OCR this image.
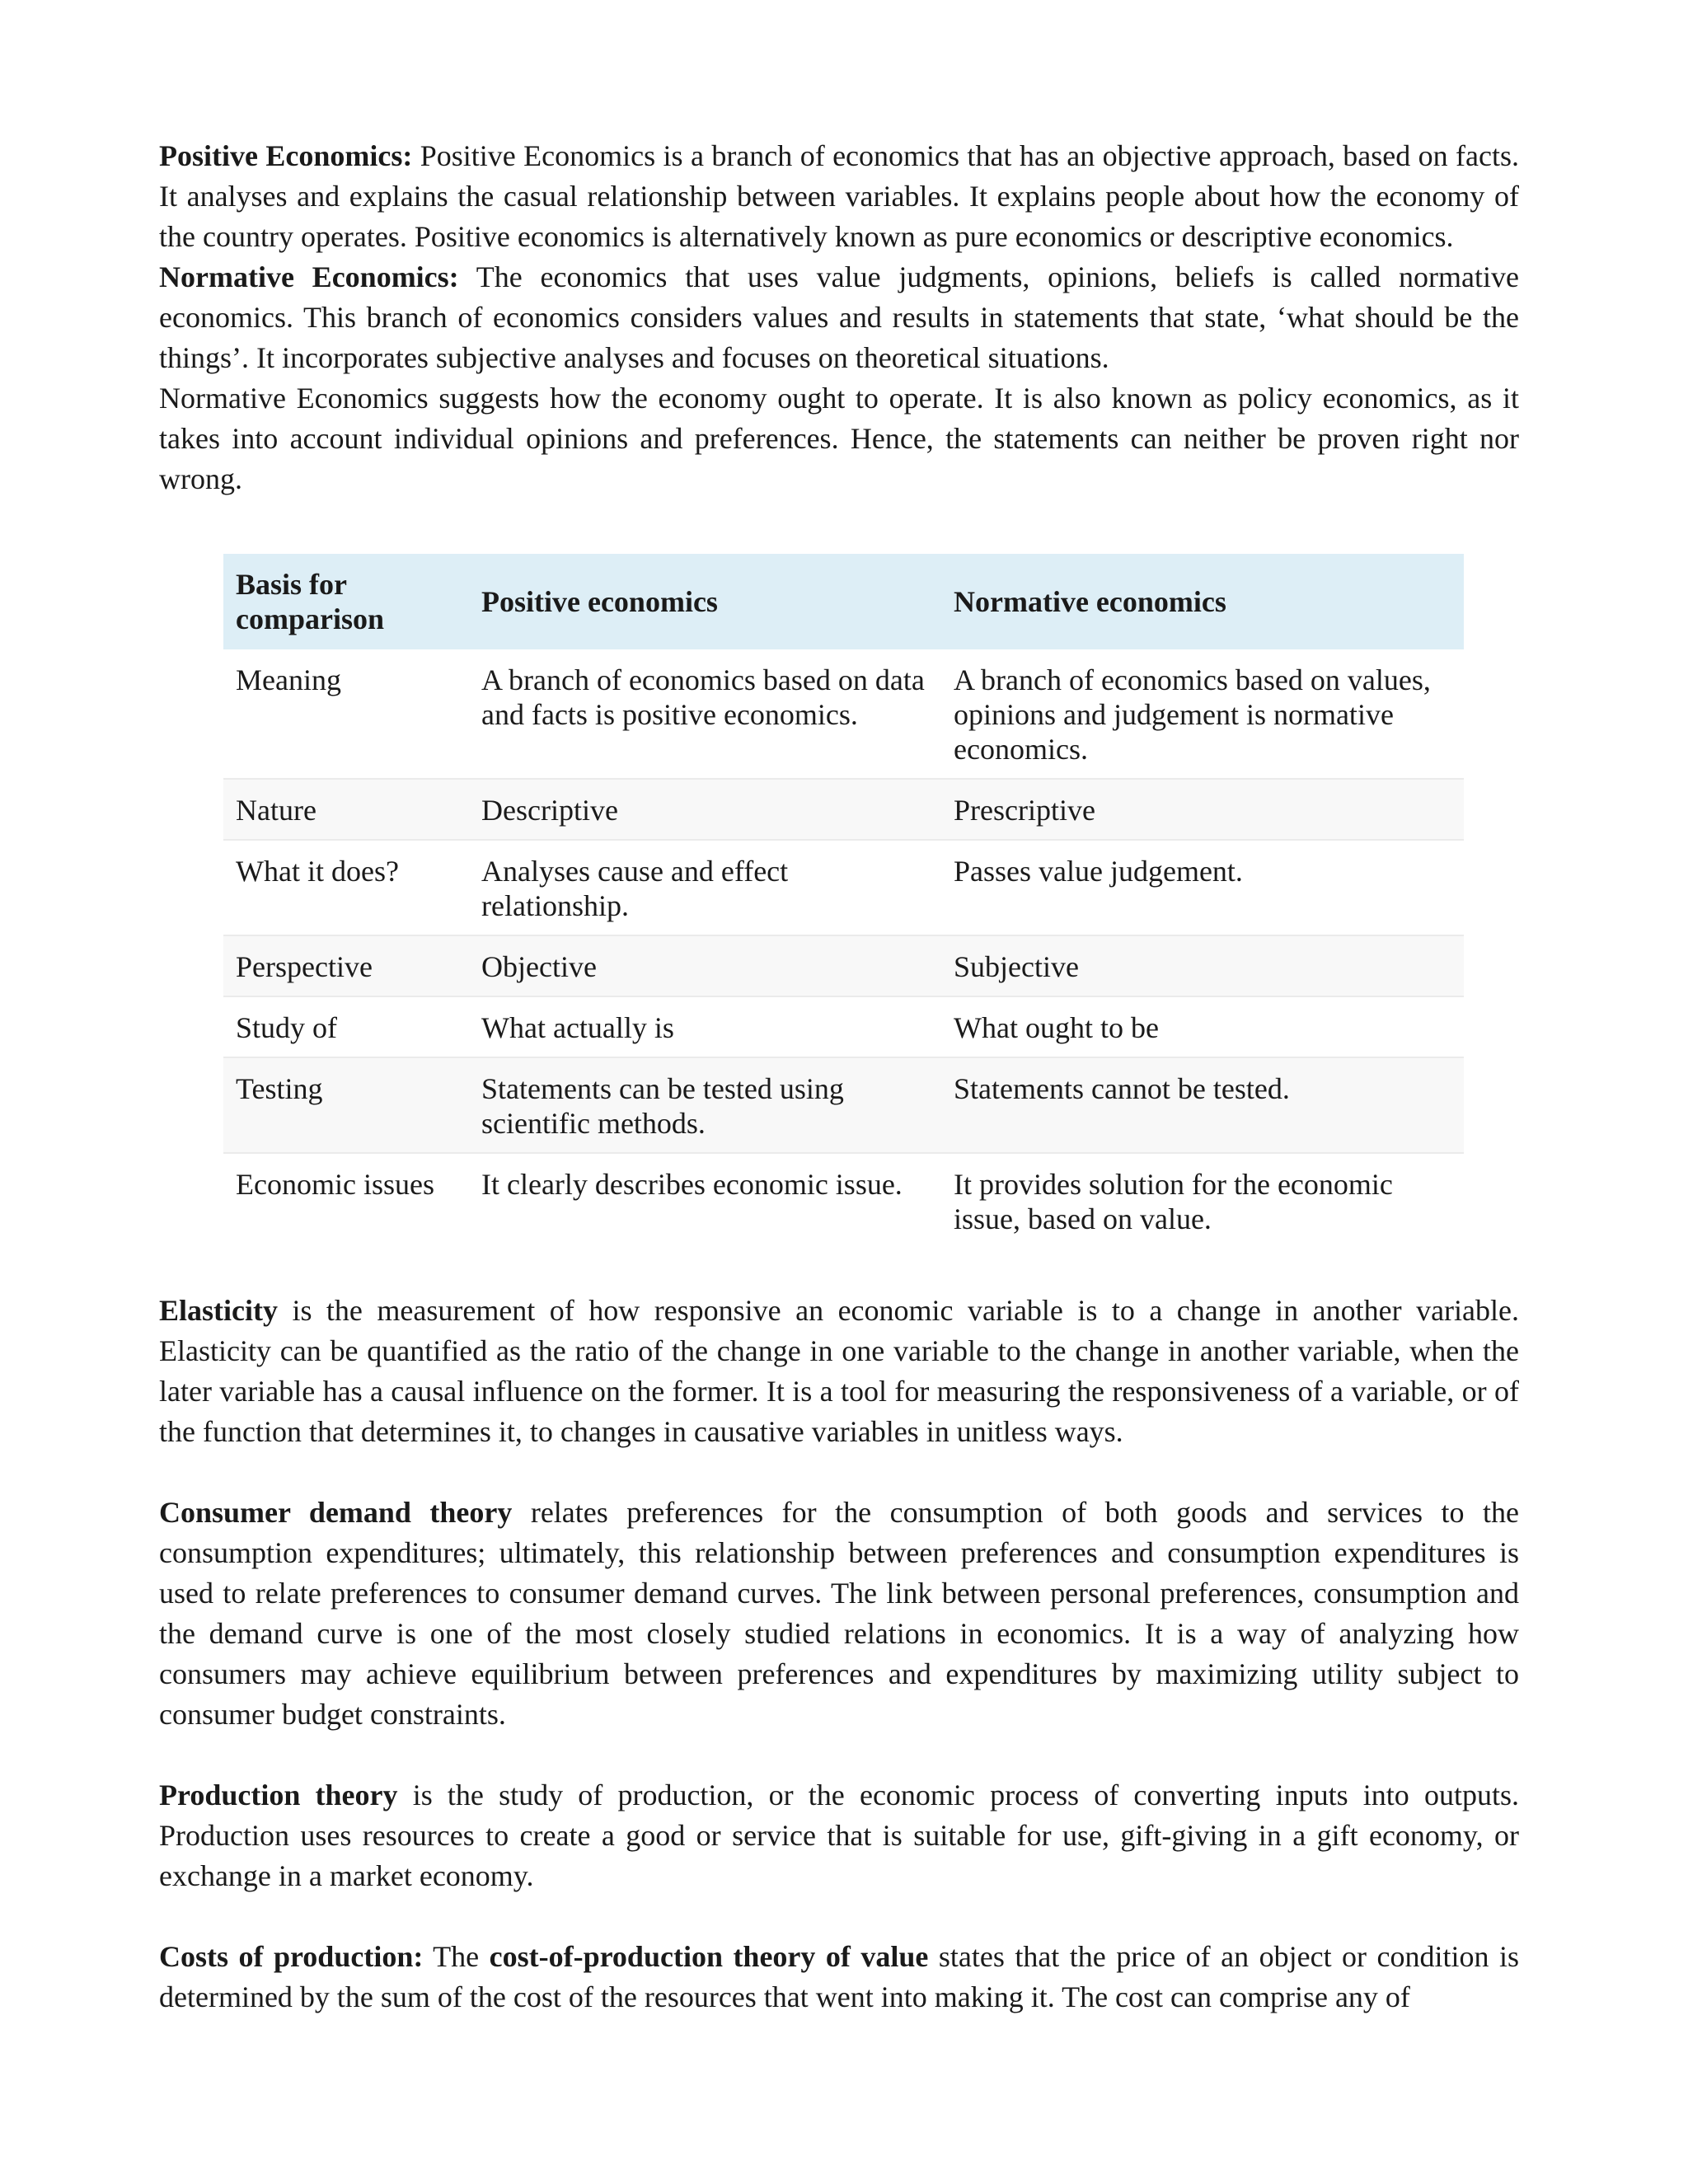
Positive Economics: Positive Economics is a branch of economics that has an objective approach, based on facts. It analyses and explains the casual relationship between variables. It explains people about how the economy of the country operates. Positive economics is alternatively known as pure economics or descriptive economics.

Normative Economics: The economics that uses value judgments, opinions, beliefs is called normative economics. This branch of economics considers values and results in statements that state, ‘what should be the things’. It incorporates subjective analyses and focuses on theoretical situations.

Normative Economics suggests how the economy ought to operate. It is also known as policy economics, as it takes into account individual opinions and preferences. Hence, the statements can neither be proven right nor wrong.

Basis for comparison	Positive economics	Normative economics
Meaning	A branch of economics based on data and facts is positive economics.	A branch of economics based on values, opinions and judgement is normative economics.
Nature	Descriptive	Prescriptive
What it does?	Analyses cause and effect relationship.	Passes value judgement.
Perspective	Objective	Subjective
Study of	What actually is	What ought to be
Testing	Statements can be tested using scientific methods.	Statements cannot be tested.
Economic issues	It clearly describes economic issue.	It provides solution for the economic issue, based on value.

Elasticity is the measurement of how responsive an economic variable is to a change in another variable. Elasticity can be quantified as the ratio of the change in one variable to the change in another variable, when the later variable has a causal influence on the former. It is a tool for measuring the responsiveness of a variable, or of the function that determines it, to changes in causative variables in unitless ways.

Consumer demand theory relates preferences for the consumption of both goods and services to the consumption expenditures; ultimately, this relationship between preferences and consumption expenditures is used to relate preferences to consumer demand curves. The link between personal preferences, consumption and the demand curve is one of the most closely studied relations in economics. It is a way of analyzing how consumers may achieve equilibrium between preferences and expenditures by maximizing utility subject to consumer budget constraints.

Production theory is the study of production, or the economic process of converting inputs into outputs. Production uses resources to create a good or service that is suitable for use, gift-giving in a gift economy, or exchange in a market economy.

Costs of production: The cost-of-production theory of value states that the price of an object or condition is determined by the sum of the cost of the resources that went into making it. The cost can comprise any of
